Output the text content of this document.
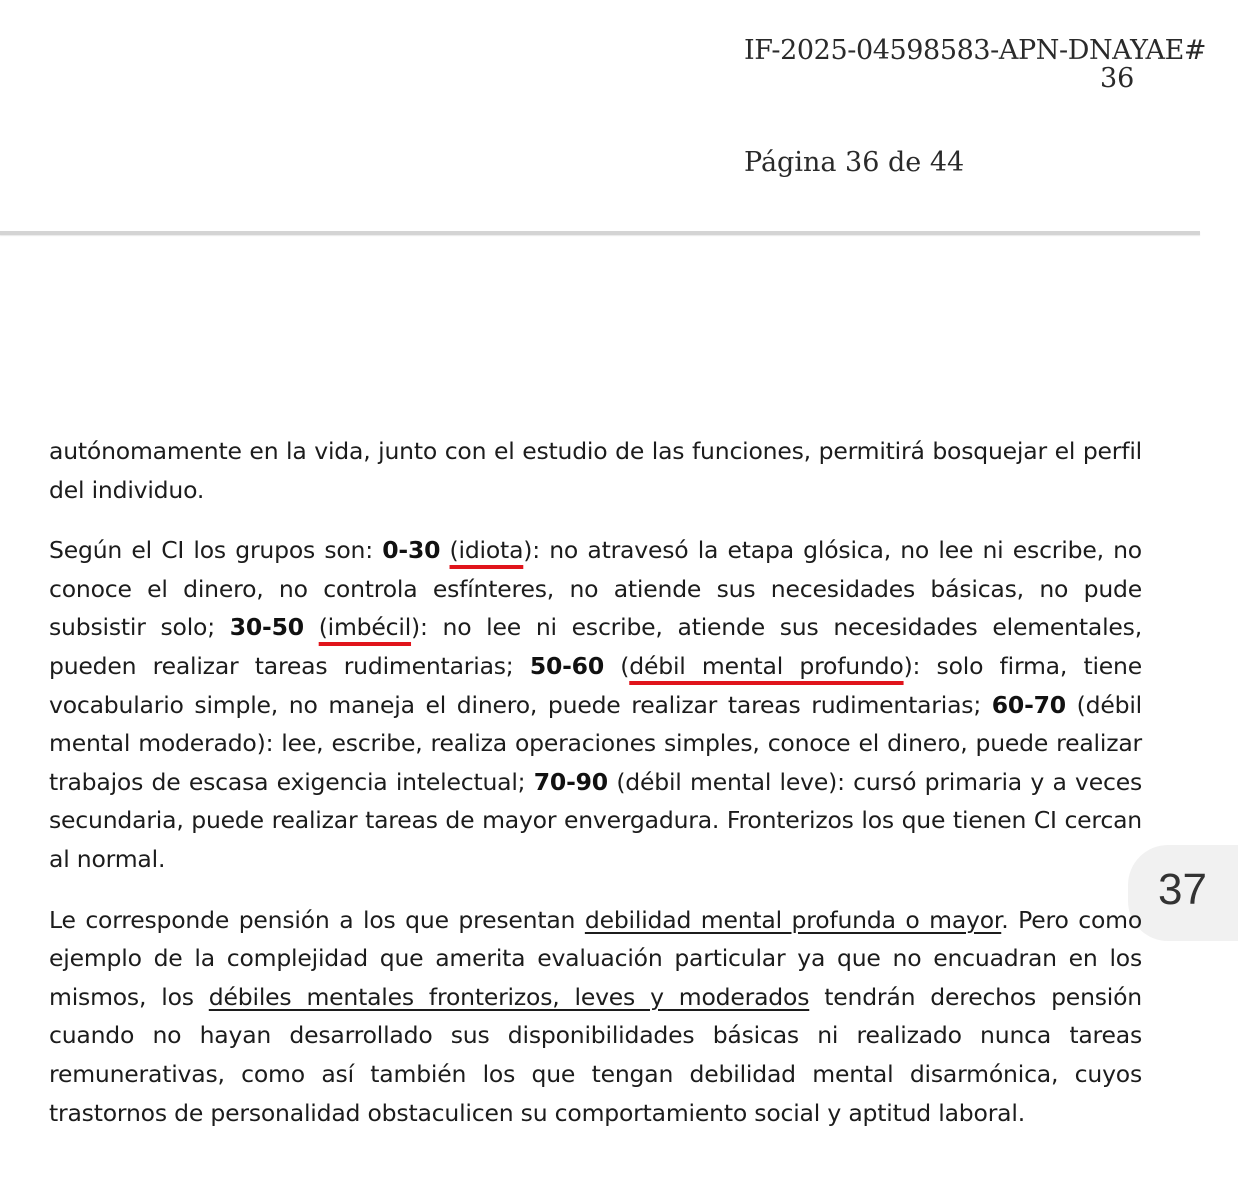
IF-2025-04598583-APN-DNAYAE#
36
Página 36 de 44
37

autónomamente en la vida, junto con el estudio de las funciones, permitirá bosquejar el perfil del individuo.

Según el CI los grupos son: 0-30 (idiota): no atravesó la etapa glósica, no lee ni escribe, no conoce el dinero, no controla esfínteres, no atiende sus necesidades básicas, no pude subsistir solo; 30-50 (imbécil): no lee ni escribe, atiende sus necesidades elementales, pueden realizar tareas rudimentarias; 50-60 (débil mental profundo): solo firma, tiene vocabulario simple, no maneja el dinero, puede realizar tareas rudimentarias; 60-70 (débil mental moderado): lee, escribe, realiza operaciones simples, conoce el dinero, puede realizar trabajos de escasa exigencia intelectual; 70-90 (débil mental leve): cursó primaria y a veces secundaria, puede realizar tareas de mayor envergadura. Fronterizos los que tienen CI cercan al normal.

Le corresponde pensión a los que presentan debilidad mental profunda o mayor. Pero como ejemplo de la complejidad que amerita evaluación particular ya que no encuadran en los mismos, los débiles mentales fronterizos, leves y moderados tendrán derechos pensión cuando no hayan desarrollado sus disponibilidades básicas ni realizado nunca tareas remunerativas, como así también los que tengan debilidad mental disarmónica, cuyos trastornos de personalidad obstaculicen su comportamiento social y aptitud laboral.
